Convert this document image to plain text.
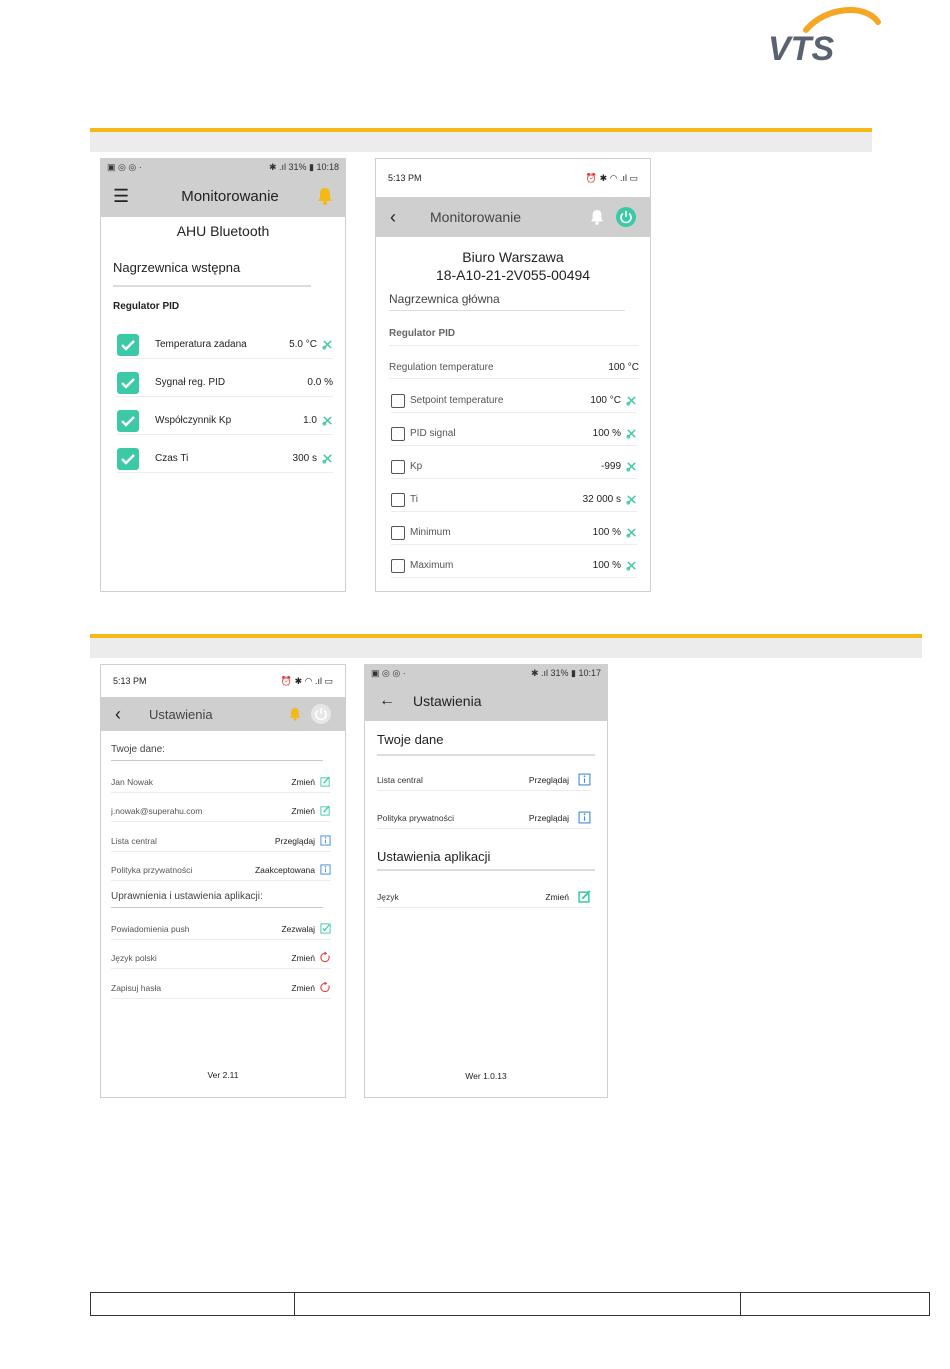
VTS
▣ ◎ ◎ ·	✱ .ıl 31% ▮ 10:18
☰	Monitorowanie
AHU Bluetooth
Nagrzewnica wstępna
Regulator PID
Temperatura zadana	5.0 °C
Sygnał reg. PID	0.0 %
Współczynnik Kp	1.0
Czas Ti	300 s
5:13 PM	⏰ ✱ ◠ .ıl ▭
‹	Monitorowanie
Biuro Warszawa
18-A10-21-2V055-00494
Nagrzewnica główna
Regulator PID
Regulation temperature	100 °C
Setpoint temperature	100 °C
PID signal	100 %
Kp	-999
Ti	32 000 s
Minimum	100 %
Maximum	100 %
5:13 PM	⏰ ✱ ◠ .ıl ▭
‹	Ustawienia
Twoje dane:
Jan Nowak	Zmień
j.nowak@superahu.com	Zmień
Lista central	Przeglądaj
Polityka przywatności	Zaakceptowana
Uprawnienia i ustawienia aplikacji:
Powiadomienia push	Zezwalaj
Język polski	Zmień
Zapisuj hasła	Zmień
Ver 2.11
▣ ◎ ◎ ·	✱ .ıl 31% ▮ 10:17
←	Ustawienia
Twoje dane
Lista central	Przeglądaj
Polityka prywatności	Przeglądaj
Ustawienia aplikacji
Język	Zmień
Wer 1.0.13
